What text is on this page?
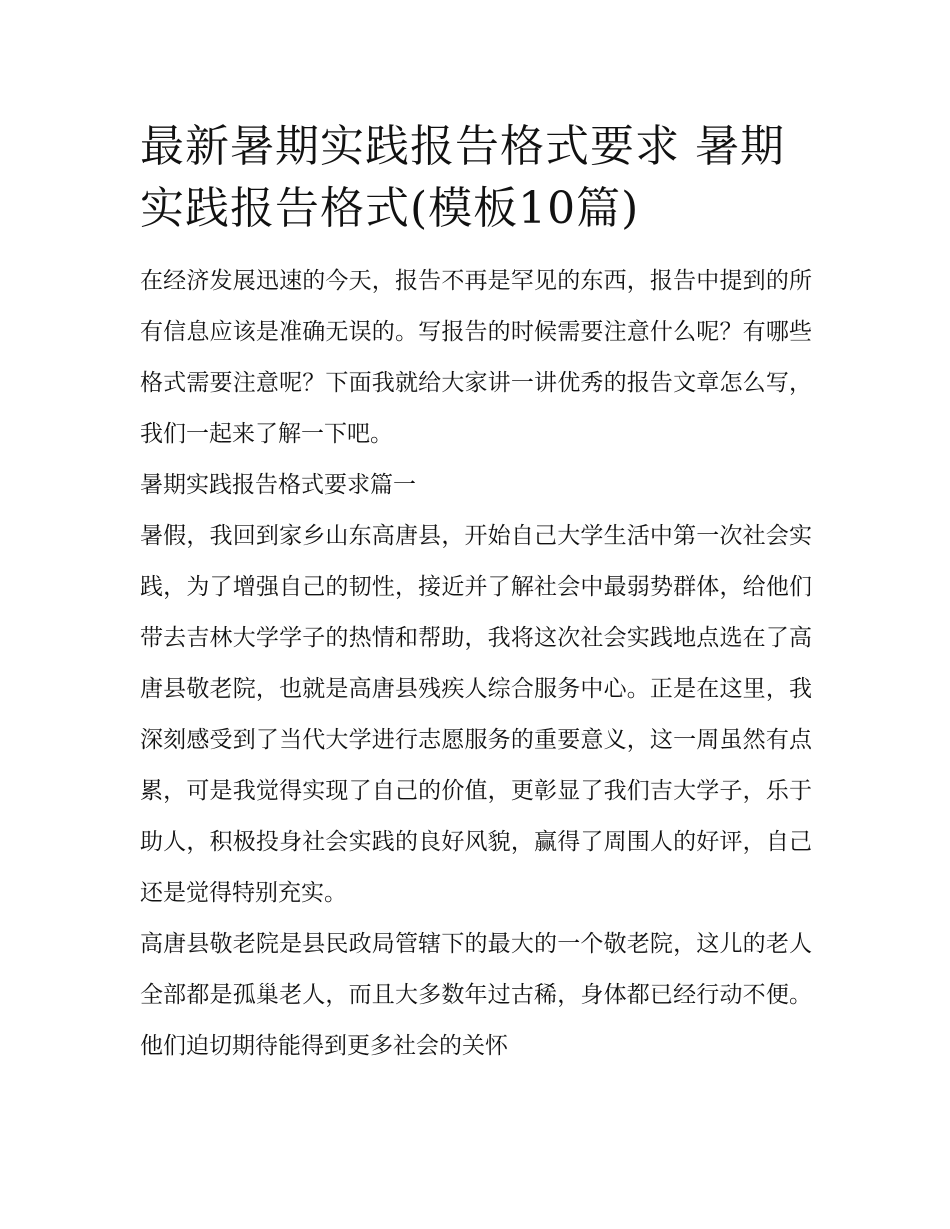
最新暑期实践报告格式要求 暑期实践报告格式(模板10篇)

在经济发展迅速的今天，报告不再是罕见的东西，报告中提到的所有信息应该是准确无误的。写报告的时候需要注意什么呢？有哪些格式需要注意呢？下面我就给大家讲一讲优秀的报告文章怎么写，我们一起来了解一下吧。

暑期实践报告格式要求篇一

暑假，我回到家乡山东高唐县，开始自己大学生活中第一次社会实践，为了增强自己的韧性，接近并了解社会中最弱势群体，给他们带去吉林大学学子的热情和帮助，我将这次社会实践地点选在了高唐县敬老院，也就是高唐县残疾人综合服务中心。正是在这里，我深刻感受到了当代大学进行志愿服务的重要意义，这一周虽然有点累，可是我觉得实现了自己的价值，更彰显了我们吉大学子，乐于助人，积极投身社会实践的良好风貌，赢得了周围人的好评，自己还是觉得特别充实。

高唐县敬老院是县民政局管辖下的最大的一个敬老院，这儿的老人全部都是孤巢老人，而且大多数年过古稀，身体都已经行动不便。他们迫切期待能得到更多社会的关怀
